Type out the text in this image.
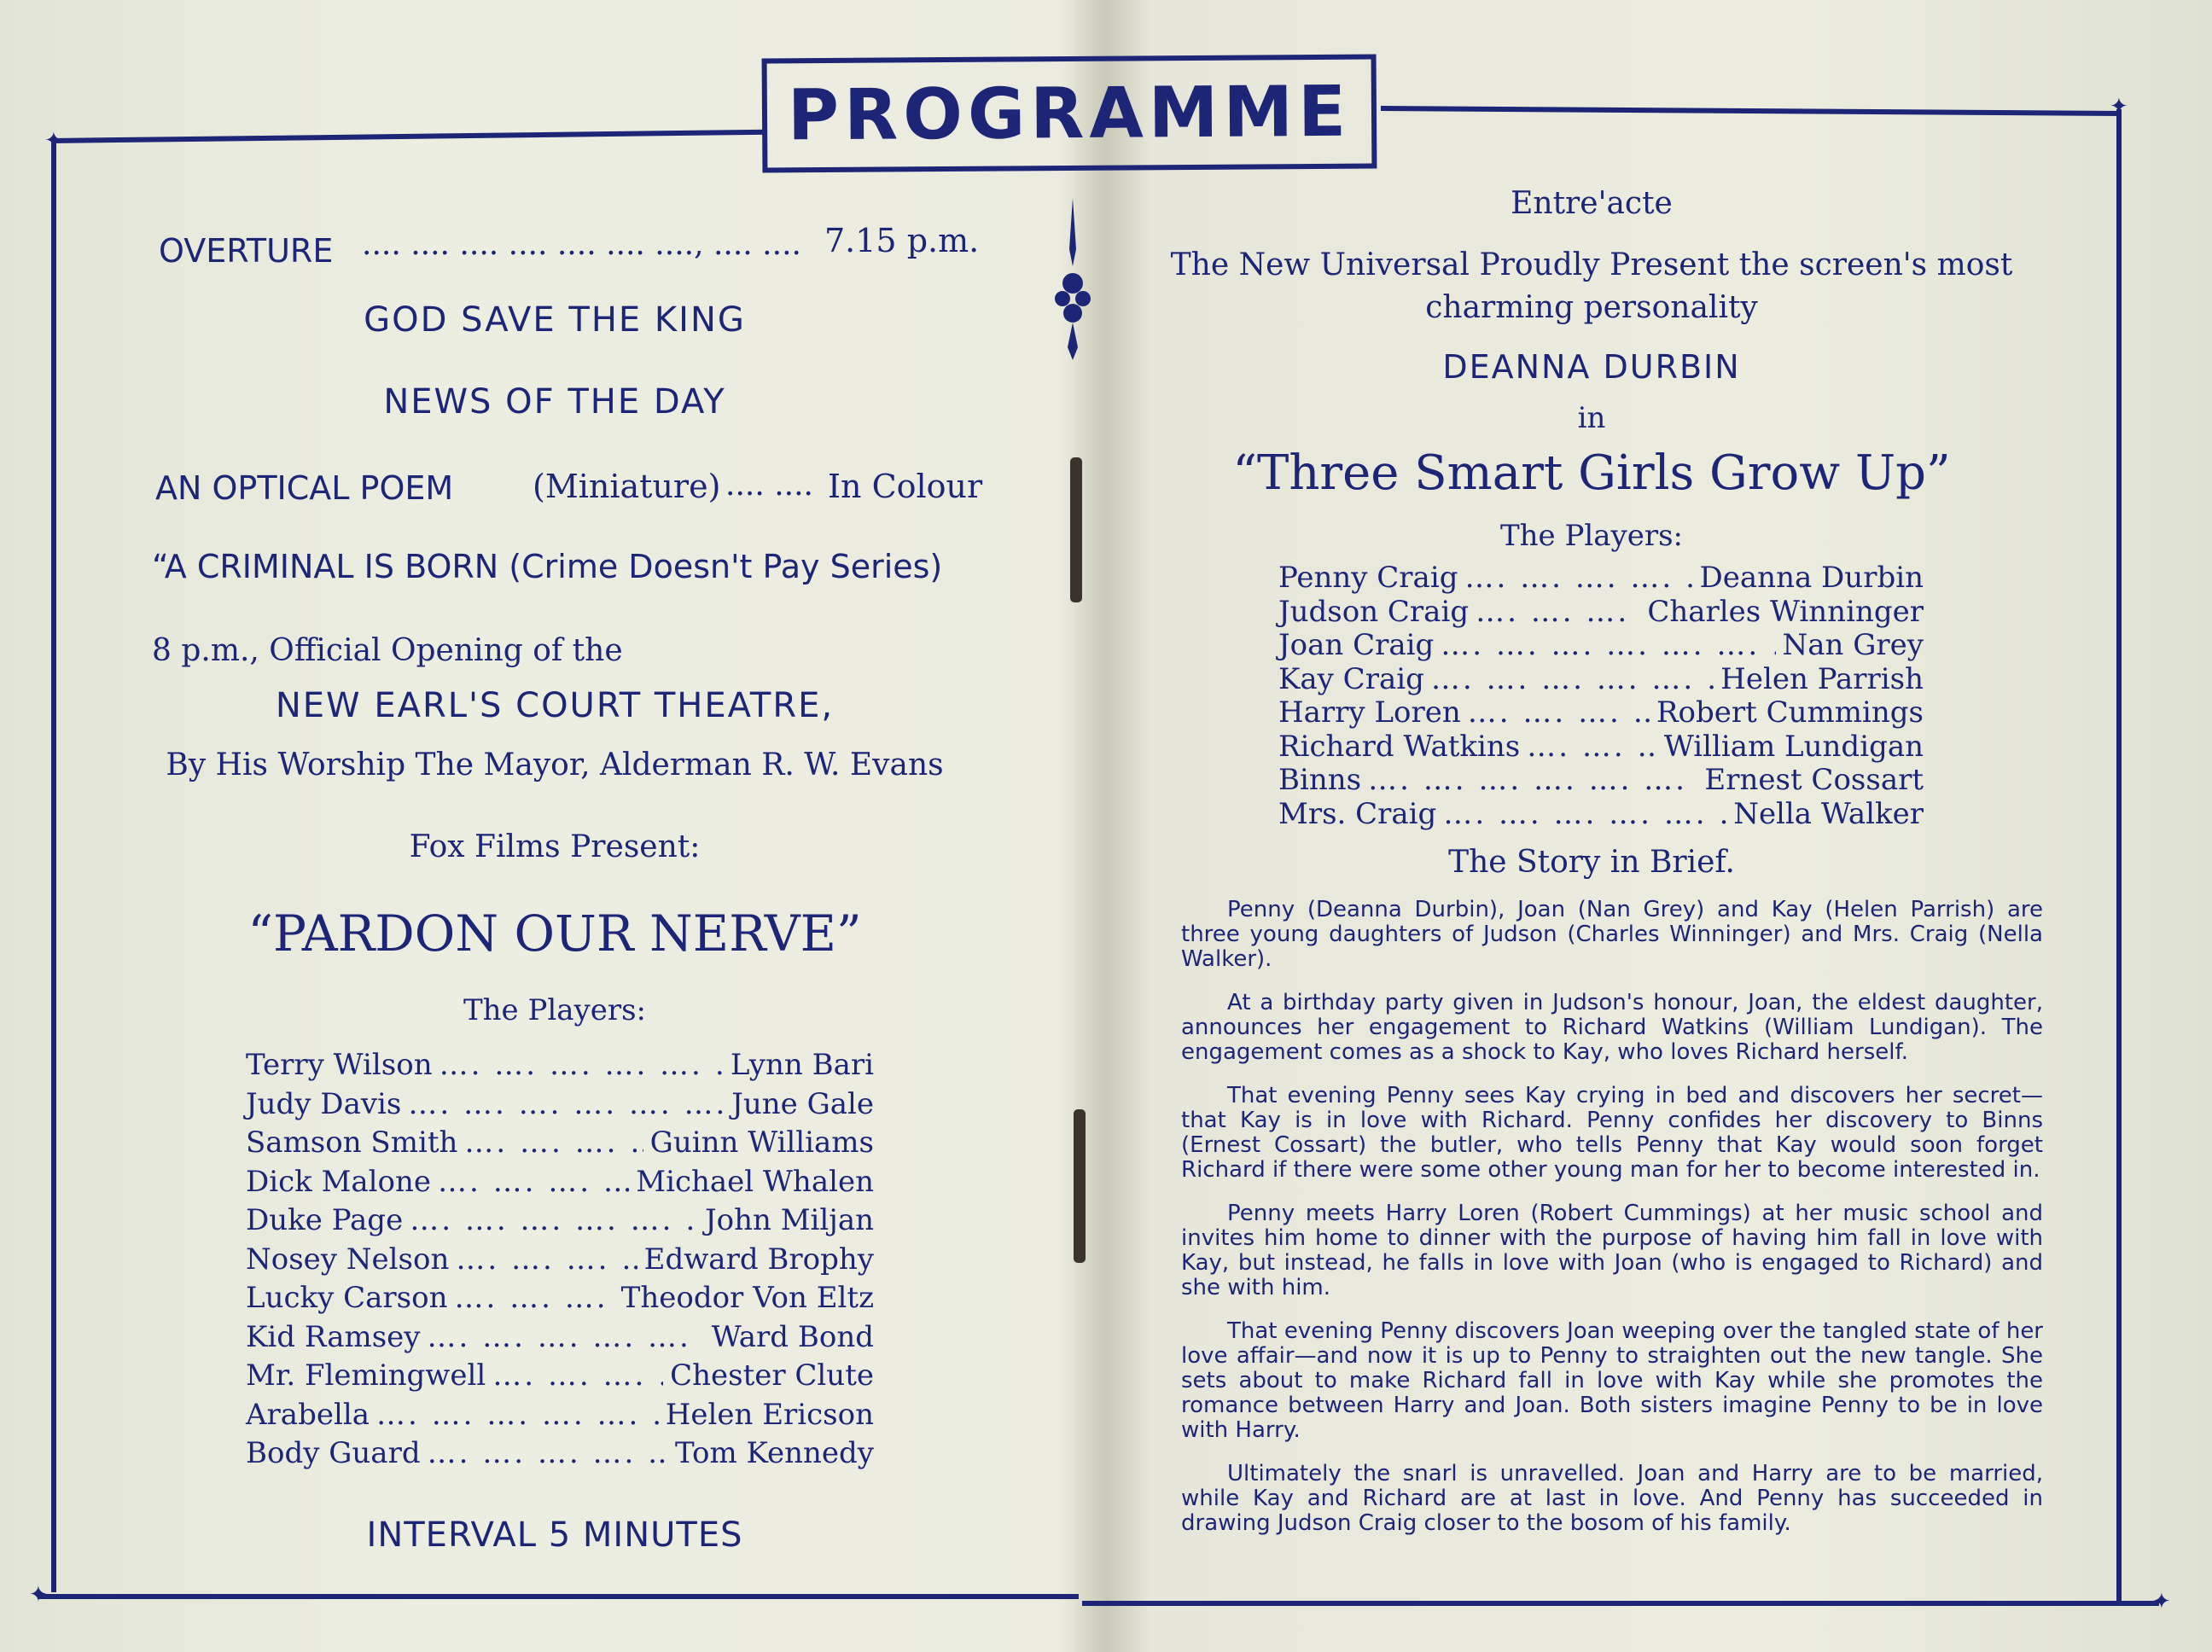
✦
✦
✦	✦
PROGRAMME
OVERTURE .... .... .... .... .... .... ...., .... .... 7.15 p.m.
GOD SAVE THE KING
NEWS OF THE DAY
AN OPTICAL POEM (Miniature) .... .... In Colour
“A CRIMINAL IS BORN (Crime Doesn't Pay Series)
8 p.m., Official Opening of the
NEW EARL'S COURT THEATRE,
By His Worship The Mayor, Alderman R. W. Evans
Fox Films Present:
“PARDON OUR NERVE”
The Players:
Terry Wilson …. …. …. …. …. …. …. …. …. …. …. …. …. …. …. …. …. …. ….	Lynn Bari
Judy Davis …. …. …. …. …. …. …. …. …. …. …. …. …. …. …. …. …. …. ….	June Gale
Samson Smith …. …. …. …. …. …. …. …. …. …. …. …. …. …. …. …. …. …. ….	Guinn Williams
Dick Malone …. …. …. …. …. …. …. …. …. …. …. …. …. …. …. …. …. …. ….	Michael Whalen
Duke Page …. …. …. …. …. …. …. …. …. …. …. …. …. …. …. …. …. …. ….	John Miljan
Nosey Nelson …. …. …. …. …. …. …. …. …. …. …. …. …. …. …. …. …. …. ….	Edward Brophy
Lucky Carson …. …. …. …. …. …. …. …. …. …. …. …. …. …. …. …. …. …. ….	Theodor Von Eltz
Kid Ramsey …. …. …. …. …. …. …. …. …. …. …. …. …. …. …. …. …. …. ….	Ward Bond
Mr. Flemingwell …. …. …. …. …. …. …. …. …. …. …. …. …. …. …. …. …. …. ….	Chester Clute
Arabella …. …. …. …. …. …. …. …. …. …. …. …. …. …. …. …. …. …. ….	Helen Ericson
Body Guard …. …. …. …. …. …. …. …. …. …. …. …. …. …. …. …. …. …. ….	Tom Kennedy
INTERVAL 5 MINUTES
Entre'acte
The New Universal Proudly Present the screen's most
charming personality
DEANNA DURBIN
in
“Three Smart Girls Grow Up”
The Players:
Penny Craig …. …. …. …. …. …. …. …. …. …. …. …. …. …. …. …. …. …. ….	Deanna Durbin
Judson Craig …. …. …. …. …. …. …. …. …. …. …. …. …. …. …. …. …. …. ….	Charles Winninger
Joan Craig …. …. …. …. …. …. …. …. …. …. …. …. …. …. …. …. …. …. ….	Nan Grey
Kay Craig …. …. …. …. …. …. …. …. …. …. …. …. …. …. …. …. …. …. ….	Helen Parrish
Harry Loren …. …. …. …. …. …. …. …. …. …. …. …. …. …. …. …. …. …. ….	Robert Cummings
Richard Watkins …. …. …. …. …. …. …. …. …. …. …. …. …. …. …. …. …. …. ….	William Lundigan
Binns …. …. …. …. …. …. …. …. …. …. …. …. …. …. …. …. …. …. ….	Ernest Cossart
Mrs. Craig …. …. …. …. …. …. …. …. …. …. …. …. …. …. …. …. …. …. ….	Nella Walker
The Story in Brief.

Penny (Deanna Durbin), Joan (Nan Grey) and Kay (Helen Parrish) are three young daughters of Judson (Charles Winninger) and Mrs. Craig (Nella Walker).

At a birthday party given in Judson's honour, Joan, the eldest daughter, announces her engagement to Richard Watkins (William Lundigan). The engagement comes as a shock to Kay, who loves Richard herself.

That evening Penny sees Kay crying in bed and discovers her secret—that Kay is in love with Richard. Penny confides her discovery to Binns (Ernest Cossart) the butler, who tells Penny that Kay would soon forget Richard if there were some other young man for her to become interested in.

Penny meets Harry Loren (Robert Cummings) at her music school and invites him home to dinner with the purpose of having him fall in love with Kay, but instead, he falls in love with Joan (who is engaged to Richard) and she with him.

That evening Penny discovers Joan weeping over the tangled state of her love affair—and now it is up to Penny to straighten out the new tangle. She sets about to make Richard fall in love with Kay while she promotes the romance between Harry and Joan. Both sisters imagine Penny to be in love with Harry.

Ultimately the snarl is unravelled. Joan and Harry are to be married, while Kay and Richard are at last in love. And Penny has succeeded in drawing Judson Craig closer to the bosom of his family.
